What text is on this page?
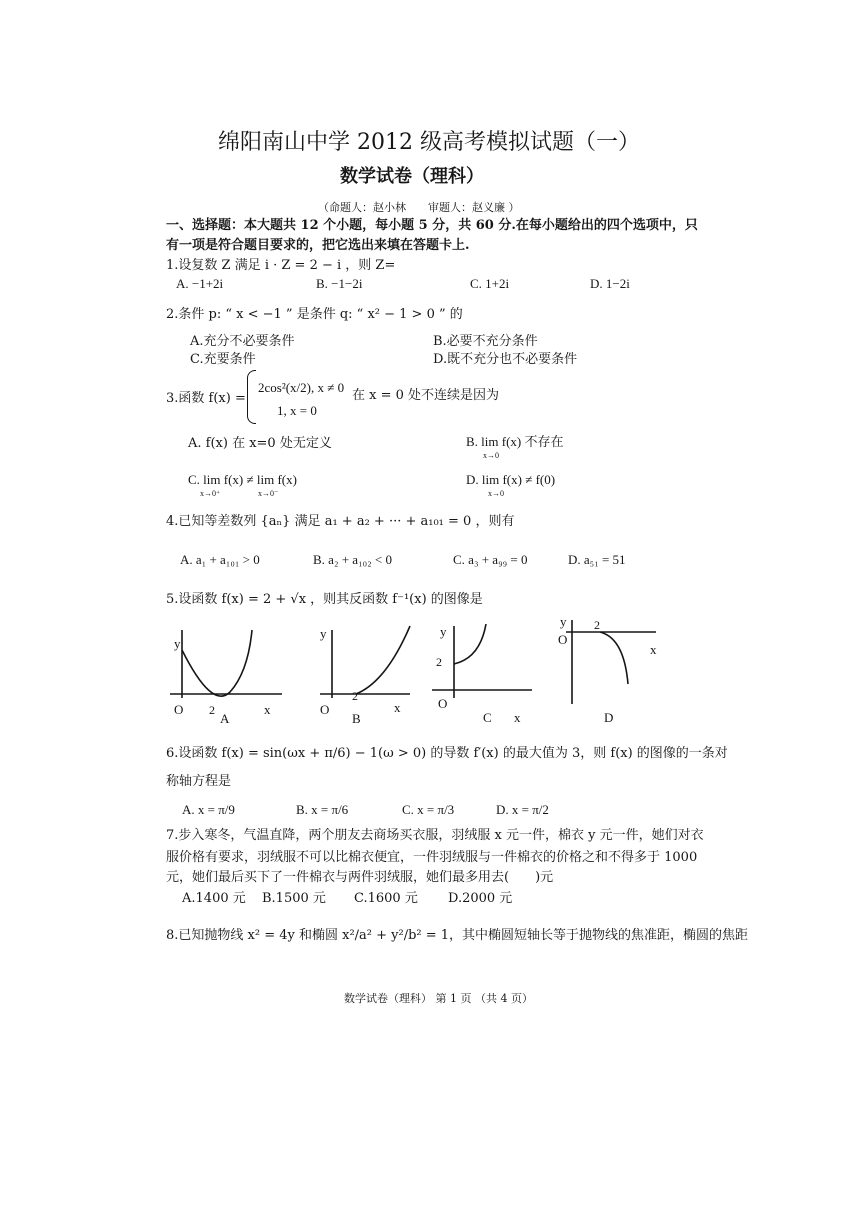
绵阳南山中学 2012 级高考模拟试题（一）
数学试卷（理科）
（命题人：赵小林　　审题人：赵义廉 ）
一、选择题：本大题共 12 个小题，每小题 5 分，共 60 分.在每小题给出的四个选项中，只
有一项是符合题目要求的，把它选出来填在答题卡上.
1.设复数 Z 满足 i · Z = 2 − i ，则 Z=
A. −1+2i	B. −1−2i	C. 1+2i	D. 1−2i
2.条件 p: “ x < −1 ” 是条件 q: “ x² − 1 > 0 ” 的
A.充分不必要条件	B.必要不充分条件
C.充要条件	D.既不充分也不必要条件
3.函数 f(x) =
2cos²(x/2), x ≠ 0
1, x = 0
在 x = 0 处不连续是因为
A. f(x) 在 x=0 处无定义	B. lim f(x) 不存在
x→0
C. lim f(x) ≠ lim f(x)
x→0⁺	x→0⁻
D. lim f(x) ≠ f(0)
x→0
4.已知等差数列 {aₙ} 满足 a₁ + a₂ + ··· + a₁₀₁ = 0 ，则有
A. a₁ + a₁₀₁ > 0	B. a₂ + a₁₀₂ < 0	C. a₃ + a₉₉ = 0	D. a₅₁ = 51
5.设函数 f(x) = 2 + √x ，则其反函数 f⁻¹(x) 的图像是
y
x
O 2
A
y
x
O
2
B
y
x
O
2
C
y
x
O
2
D
6.设函数 f(x) = sin(ωx + π/6) − 1(ω > 0) 的导数 f′(x) 的最大值为 3，则 f(x) 的图像的一条对
称轴方程是
A. x = π/9	B. x = π/6	C. x = π/3	D. x = π/2
7.步入寒冬，气温直降，两个朋友去商场买衣服，羽绒服 x 元一件，棉衣 y 元一件，她们对衣
服价格有要求，羽绒服不可以比棉衣便宜，一件羽绒服与一件棉衣的价格之和不得多于 1000
元，她们最后买下了一件棉衣与两件羽绒服，她们最多用去(　　)元
A.1400 元 B.1500 元 C.1600 元 D.2000 元
8.已知抛物线 x² = 4y 和椭圆 x²/a² + y²/b² = 1，其中椭圆短轴长等于抛物线的焦准距，椭圆的焦距
数学试卷（理科） 第 1 页 （共 4 页）
